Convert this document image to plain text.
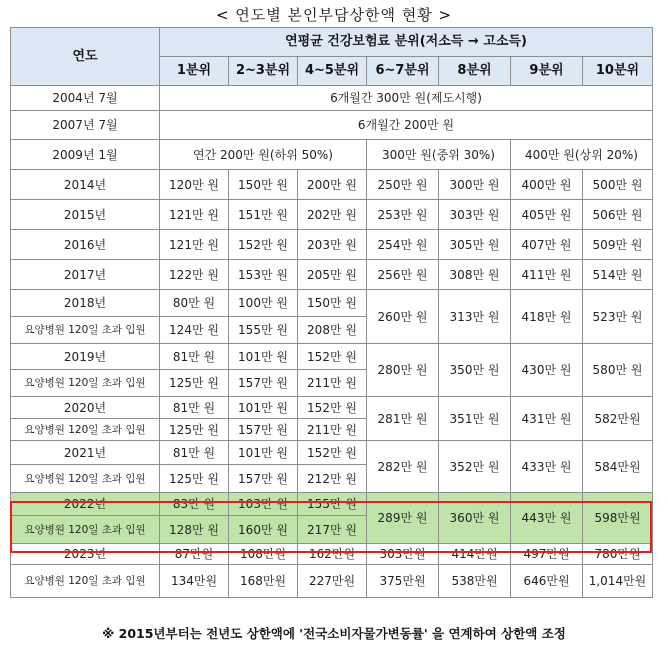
< 연도별 본인부담상한액 현황 >
연도	연평균 건강보험료 분위(저소득 → 고소득)						
	1분위	2~3분위	4~5분위	6~7분위	8분위	9분위	10분위
2004년 7월	6개월간 300만 원(제도시행)						
2007년 7월	6개월간 200만 원						
2009년 1월	연간 200만 원(하위 50%)			300만 원(중위 30%)		400만 원(상위 20%)	
2014년	120만 원	150만 원	200만 원	250만 원	300만 원	400만 원	500만 원
2015년	121만 원	151만 원	202만 원	253만 원	303만 원	405만 원	506만 원
2016년	121만 원	152만 원	203만 원	254만 원	305만 원	407만 원	509만 원
2017년	122만 원	153만 원	205만 원	256만 원	308만 원	411만 원	514만 원
2018년	80만 원	100만 원	150만 원	260만 원	313만 원	418만 원	523만 원
요양병원 120일 초과 입원	124만 원	155만 원	208만 원				
2019년	81만 원	101만 원	152만 원	280만 원	350만 원	430만 원	580만 원
요양병원 120일 초과 입원	125만 원	157만 원	211만 원				
2020년	81만 원	101만 원	152만 원	281만 원	351만 원	431만 원	582만원
요양병원 120일 초과 입원	125만 원	157만 원	211만 원				
2021년	81만 원	101만 원	152만 원	282만 원	352만 원	433만 원	584만원
요양병원 120일 초과 입원	125만 원	157만 원	212만 원				
2022년	83만 원	103만 원	155만 원	289만 원	360만 원	443만 원	598만원
요양병원 120일 초과 입원	128만 원	160만 원	217만 원				
2023년	87만원	108만원	162만원	303만원	414만원	497만원	780만원
요양병원 120일 초과 입원	134만원	168만원	227만원	375만원	538만원	646만원	1,014만원
※ 2015년부터는 전년도 상한액에 '전국소비자물가변동률' 을 연계하여 상한액 조정
